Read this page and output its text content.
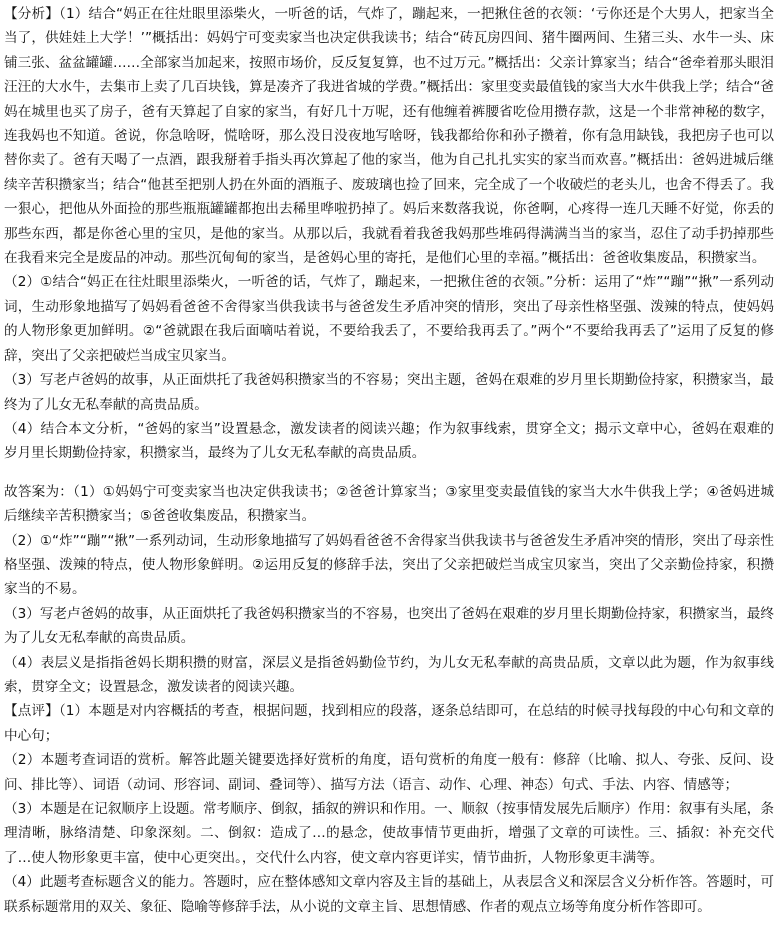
【分析】（1）结合“妈正在往灶眼里添柴火，一听爸的话，气炸了，蹦起来，一把揪住爸的衣领：‘亏你还是个大男人，把家当全当了，供娃娃上大学！’”概括出：妈妈宁可变卖家当也决定供我读书；结合“砖瓦房四间、猪牛圈两间、生猪三头、水牛一头、床铺三张、盆盆罐罐……全部家当加起来，按照市场价，反反复复算，也不过万元。”概括出：父亲计算家当；结合“爸牵着那头眼泪汪汪的大水牛，去集市上卖了几百块钱，算是凑齐了我进省城的学费。”概括出：家里变卖最值钱的家当大水牛供我上学；结合“爸妈在城里也买了房子，爸有天算起了自家的家当，有好几十万呢，还有他缠着裤腰省吃俭用攒存款，这是一个非常神秘的数字，连我妈也不知道。爸说，你急啥呀，慌啥呀，那么没日没夜地写啥呀，钱我都给你和孙子攒着，你有急用缺钱，我把房子也可以替你卖了。爸有天喝了一点酒，跟我掰着手指头再次算起了他的家当，他为自己扎扎实实的家当而欢喜。”概括出：爸妈进城后继续辛苦积攒家当；结合“他甚至把别人扔在外面的酒瓶子、废玻璃也捡了回来，完全成了一个收破烂的老头儿，也舍不得丢了。我一狠心，把他从外面捡的那些瓶瓶罐罐都抱出去稀里哗啦扔掉了。妈后来数落我说，你爸啊，心疼得一连几天睡不好觉，你丢的那些东西，都是你爸心里的宝贝，是他的家当。从那以后，我就看着我爸我妈那些堆码得满满当当的家当，忍住了动手扔掉那些在我看来完全是废品的冲动。那些沉甸甸的家当，是爸妈心里的寄托，是他们心里的幸福。”概括出：爸爸收集废品，积攒家当。

（2）①结合“妈正在往灶眼里添柴火，一听爸的话，气炸了，蹦起来，一把揪住爸的衣领。”分析：运用了“炸”“蹦”“揪”一系列动词，生动形象地描写了妈妈看爸爸不舍得家当供我读书与爸爸发生矛盾冲突的情形，突出了母亲性格坚强、泼辣的特点，使妈妈的人物形象更加鲜明。②“爸就跟在我后面嘀咕着说，不要给我丢了，不要给我再丢了。”两个“不要给我再丢了”运用了反复的修辞，突出了父亲把破烂当成宝贝家当。

（3）写老卢爸妈的故事，从正面烘托了我爸妈积攒家当的不容易；突出主题，爸妈在艰难的岁月里长期勤俭持家，积攒家当，最终为了儿女无私奉献的高贵品质。

（4）结合本文分析，“爸妈的家当”设置悬念，激发读者的阅读兴趣；作为叙事线索，贯穿全文；揭示文章中心，爸妈在艰难的岁月里长期勤俭持家，积攒家当，最终为了儿女无私奉献的高贵品质。

故答案为：（1）①妈妈宁可变卖家当也决定供我读书；②爸爸计算家当；③家里变卖最值钱的家当大水牛供我上学；④爸妈进城后继续辛苦积攒家当；⑤爸爸收集废品，积攒家当。

（2）①“炸”“蹦”“揪”一系列动词，生动形象地描写了妈妈看爸爸不舍得家当供我读书与爸爸发生矛盾冲突的情形，突出了母亲性格坚强、泼辣的特点，使人物形象鲜明。②运用反复的修辞手法，突出了父亲把破烂当成宝贝家当，突出了父亲勤俭持家，积攒家当的不易。

（3）写老卢爸妈的故事，从正面烘托了我爸妈积攒家当的不容易，也突出了爸妈在艰难的岁月里长期勤俭持家，积攒家当，最终为了儿女无私奉献的高贵品质。

（4）表层义是指指爸妈长期积攒的财富，深层义是指爸妈勤俭节约，为儿女无私奉献的高贵品质，文章以此为题，作为叙事线索，贯穿全文；设置悬念，激发读者的阅读兴趣。

【点评】（1）本题是对内容概括的考查，根据问题，找到相应的段落，逐条总结即可，在总结的时候寻找每段的中心句和文章的中心句；

（2）本题考查词语的赏析。解答此题关键要选择好赏析的角度，语句赏析的角度一般有：修辞（比喻、拟人、夸张、反问、设问、排比等）、词语（动词、形容词、副词、叠词等）、描写方法（语言、动作、心理、神态）句式、手法、内容、情感等；

（3）本题是在记叙顺序上设题。常考顺序、倒叙，插叙的辨识和作用。一、顺叙（按事情发展先后顺序）作用：叙事有头尾，条理清晰，脉络清楚、印象深刻。二、倒叙：造成了…的悬念，使故事情节更曲折，增强了文章的可读性。三、插叙：补充交代了…使人物形象更丰富，使中心更突出。，交代什么内容，使文章内容更详实，情节曲折，人物形象更丰满等。

（4）此题考查标题含义的能力。答题时，应在整体感知文章内容及主旨的基础上，从表层含义和深层含义分析作答。答题时，可联系标题常用的双关、象征、隐喻等修辞手法，从小说的文章主旨、思想情感、作者的观点立场等角度分析作答即可。
